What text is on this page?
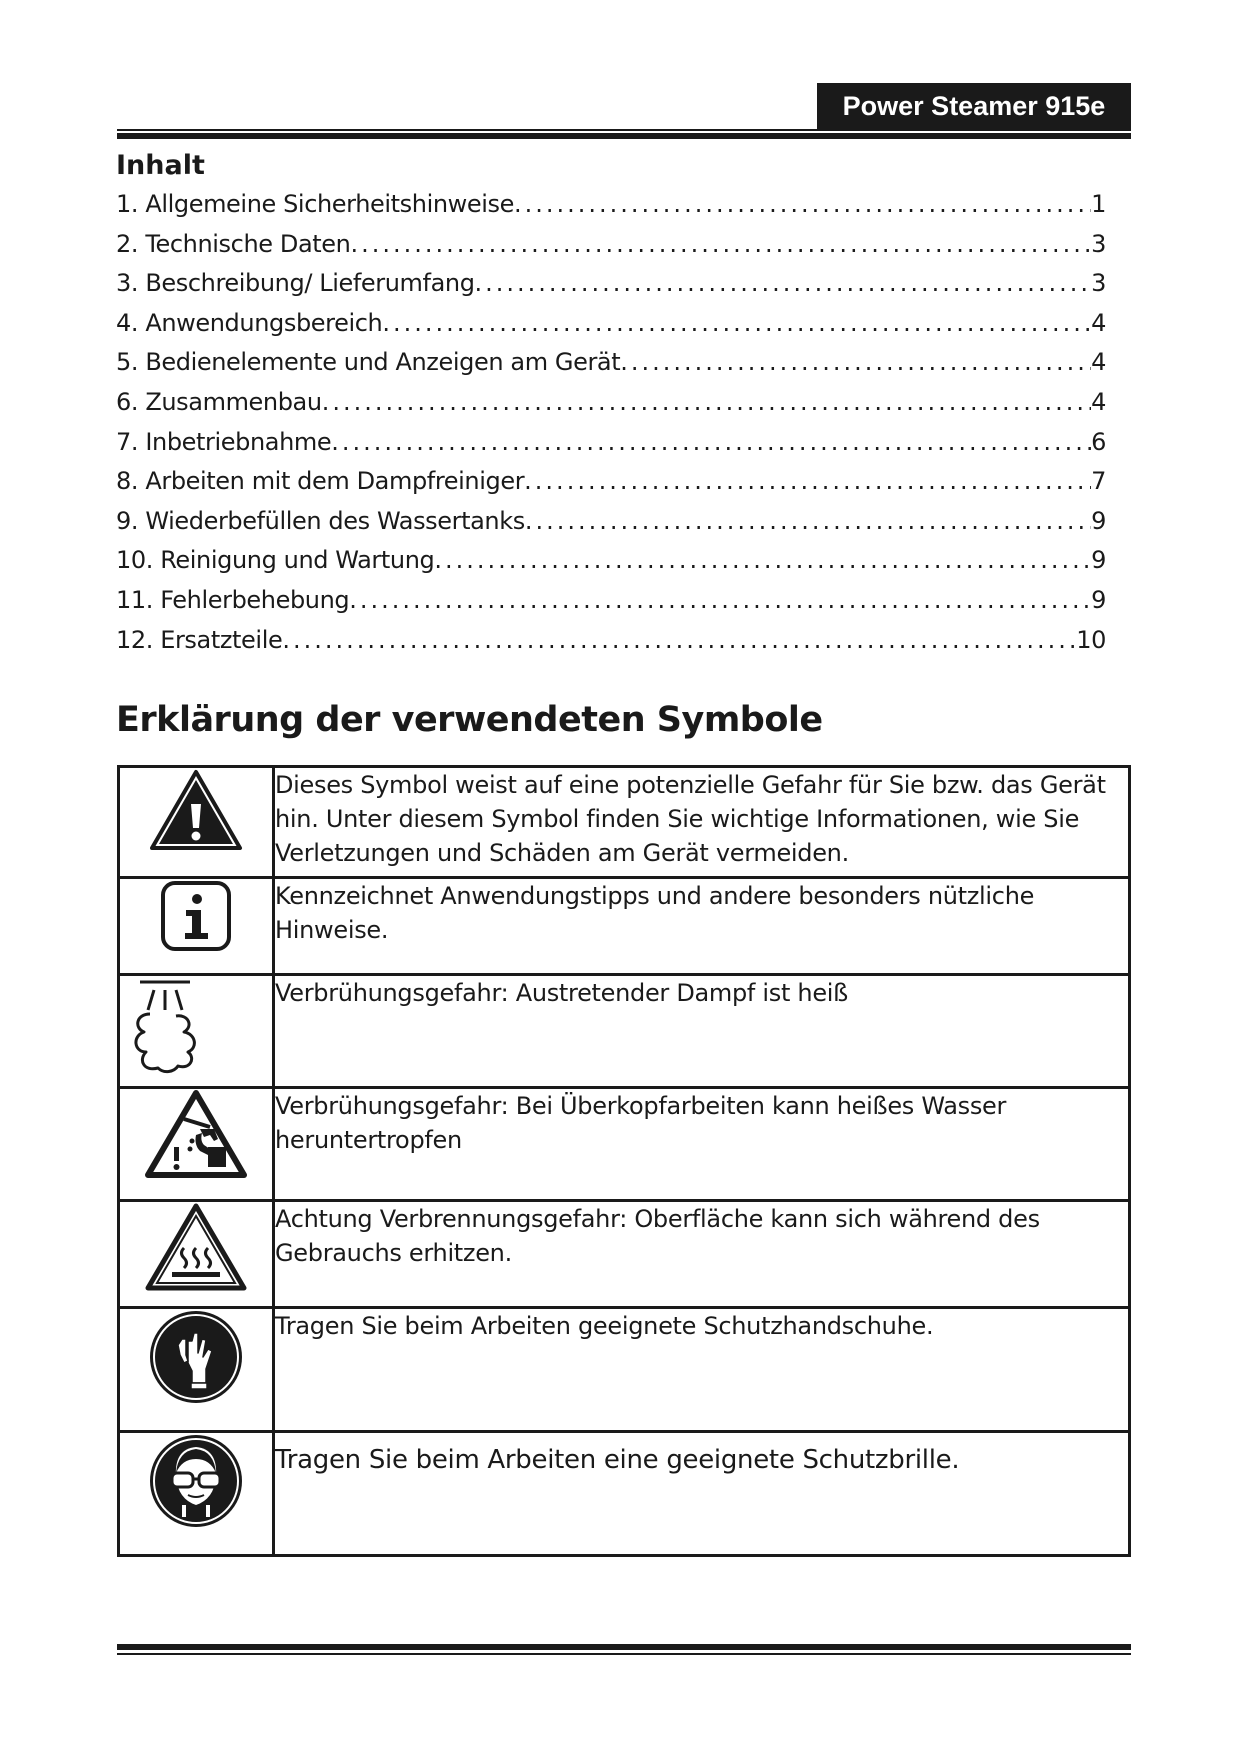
Power Steamer 915e
Inhalt
1. Allgemeine Sicherheitshinweise .....	1
2. Technische Daten .....	3
3. Beschreibung/ Lieferumfang .....	3
4. Anwendungsbereich .....	4
5. Bedienelemente und Anzeigen am Gerät .....	4
6. Zusammenbau .....	4
7. Inbetriebnahme .....	6
8. Arbeiten mit dem Dampfreiniger .....	7
9. Wiederbefüllen des Wassertanks .....	9
10. Reinigung und Wartung .....	9
11. Fehlerbehebung .....	9
12. Ersatzteile .....	10
Erklärung der verwendeten Symbole
	Dieses Symbol weist auf eine potenzielle Gefahr für Sie bzw. das Gerät hin. Unter diesem Symbol finden Sie wichtige Informationen, wie Sie Verletzungen und Schäden am Gerät vermeiden.

	Kennzeichnet Anwendungstipps und andere besonders nützliche Hinweise.

	Verbrühungsgefahr: Austretender Dampf ist heiß

	Verbrühungsgefahr: Bei Überkopfarbeiten kann heißes Wasser heruntertropfen

	Achtung Verbrennungsgefahr: Oberfläche kann sich während des Gebrauchs erhitzen.

	Tragen Sie beim Arbeiten geeignete Schutzhandschuhe.

	Tragen Sie beim Arbeiten eine geeignete Schutzbrille.
